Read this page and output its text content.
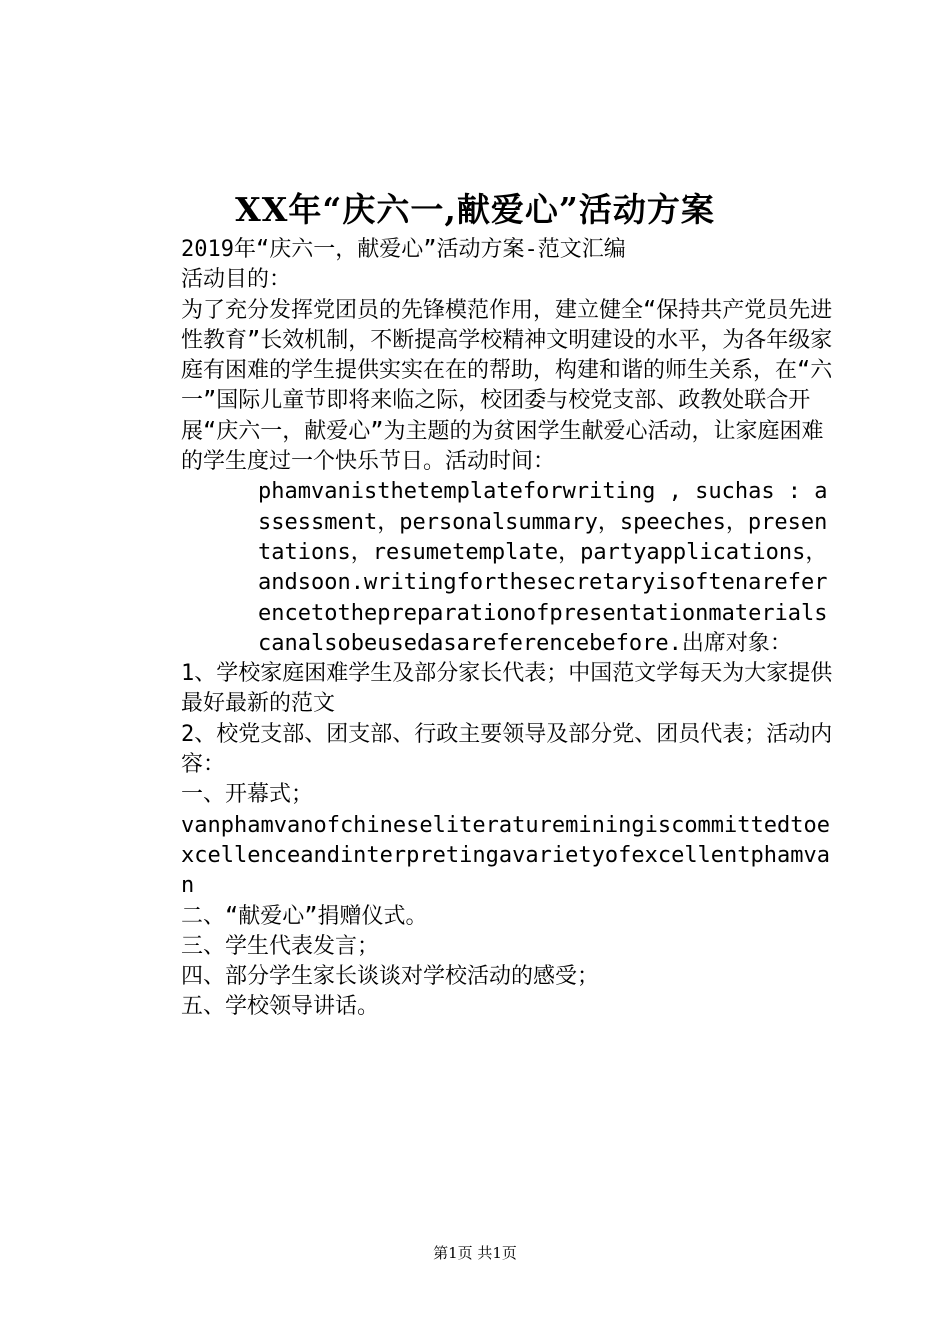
XX年“庆六一,献爱心”活动方案

2019年“庆六一，献爱心”活动方案-范文汇编

活动目的：

为了充分发挥党团员的先锋模范作用，建立健全“保持共产党员先进性教育”长效机制，不断提高学校精神文明建设的水平，为各年级家庭有困难的学生提供实实在在的帮助，构建和谐的师生关系，在“六一”国际儿童节即将来临之际，校团委与校党支部、政教处联合开展“庆六一，献爱心”为主题的为贫困学生献爱心活动，让家庭困难的学生度过一个快乐节日。活动时间：

phamvanisthetemplateforwriting , suchas : assessment，personalsummary，speeches，presentations，resumetemplate，partyapplications，andsoon.writingforthesecretaryisoftenareferencetothepreparationofpresentationmaterialscanalsobeusedasareferencebefore.出席对象：

1、学校家庭困难学生及部分家长代表；中国范文学每天为大家提供最好最新的范文

2、校党支部、团支部、行政主要领导及部分党、团员代表；活动内容：

一、开幕式；

vanphamvanofchineseliteratureminingiscommittedtoexcellenceandinterpretingavarietyofexcellentphamvan

二、“献爱心”捐赠仪式。

三、学生代表发言；

四、部分学生家长谈谈对学校活动的感受；

五、学校领导讲话。

第1页 共1页
